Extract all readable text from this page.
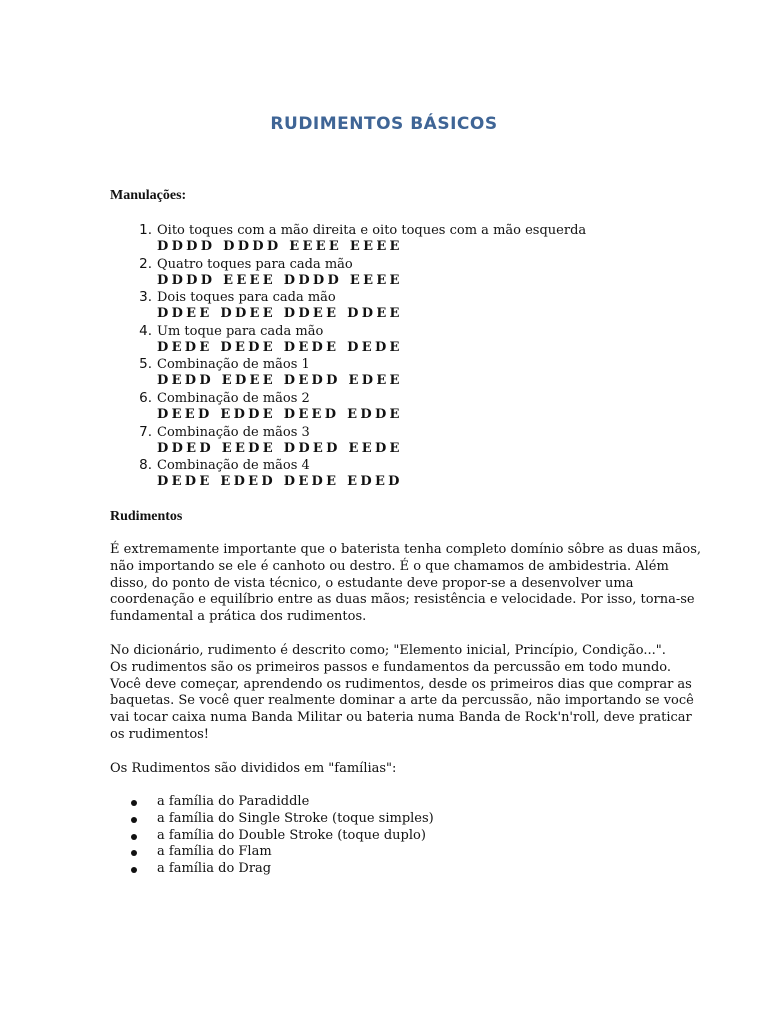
RUDIMENTOS BÁSICOS
Manulações:
1. Oito toques com a mão direita e oito toques com a mão esquerda
DDDD DDDD EEEE EEEE
2. Quatro toques para cada mão
DDDD EEEE DDDD EEEE
3. Dois toques para cada mão
DDEE DDEE DDEE DDEE
4. Um toque para cada mão
DEDE DEDE DEDE DEDE
5. Combinação de mãos 1
DEDD EDEE DEDD EDEE
6. Combinação de mãos 2
DEED EDDE DEED EDDE
7. Combinação de mãos 3
DDED EEDE DDED EEDE
8. Combinação de mãos 4
DEDE EDED DEDE EDED
Rudimentos

É extremamente importante que o baterista tenha completo domínio sôbre as duas mãos,
não importando se ele é canhoto ou destro. É o que chamamos de ambidestria. Além
disso, do ponto de vista técnico, o estudante deve propor-se a desenvolver uma
coordenação e equilíbrio entre as duas mãos; resistência e velocidade. Por isso, torna-se
fundamental a prática dos rudimentos.

No dicionário, rudimento é descrito como; "Elemento inicial, Princípio, Condição...".
Os rudimentos são os primeiros passos e fundamentos da percussão em todo mundo.
Você deve começar, aprendendo os rudimentos, desde os primeiros dias que comprar as
baquetas. Se você quer realmente dominar a arte da percussão, não importando se você
vai tocar caixa numa Banda Militar ou bateria numa Banda de Rock'n'roll, deve praticar
os rudimentos!

Os Rudimentos são divididos em "famílias":

a família do Paradiddle
a família do Single Stroke (toque simples)
a família do Double Stroke (toque duplo)
a família do Flam
a família do Drag
